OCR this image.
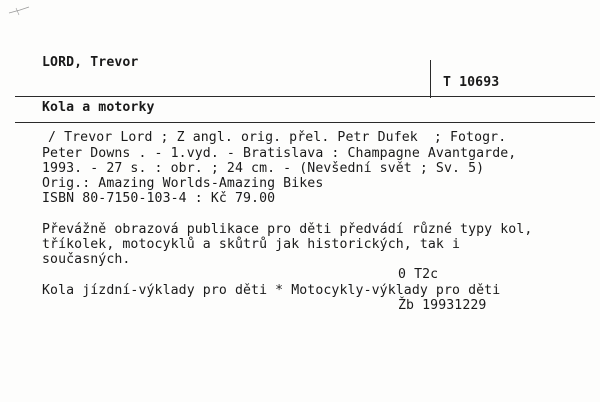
LORD, Trevor
T 10693
Kola a motorky
/ Trevor Lord ; Z angl. orig. přel. Petr Dufek  ; Fotogr.
Peter Downs . - 1.vyd. - Bratislava : Champagne Avantgarde,
1993. - 27 s. : obr. ; 24 cm. - (Nevšední svět ; Sv. 5)
Orig.: Amazing Worlds-Amazing Bikes
ISBN 80-7150-103-4 : Kč 79.00
Převážně obrazová publikace pro děti předvádí různé typy kol,
tříkolek, motocyklů a skůtrů jak historických, tak i
současných.
0 T2c
Kola jízdní-výklady pro děti * Motocykly-výklady pro děti
Žb 19931229
